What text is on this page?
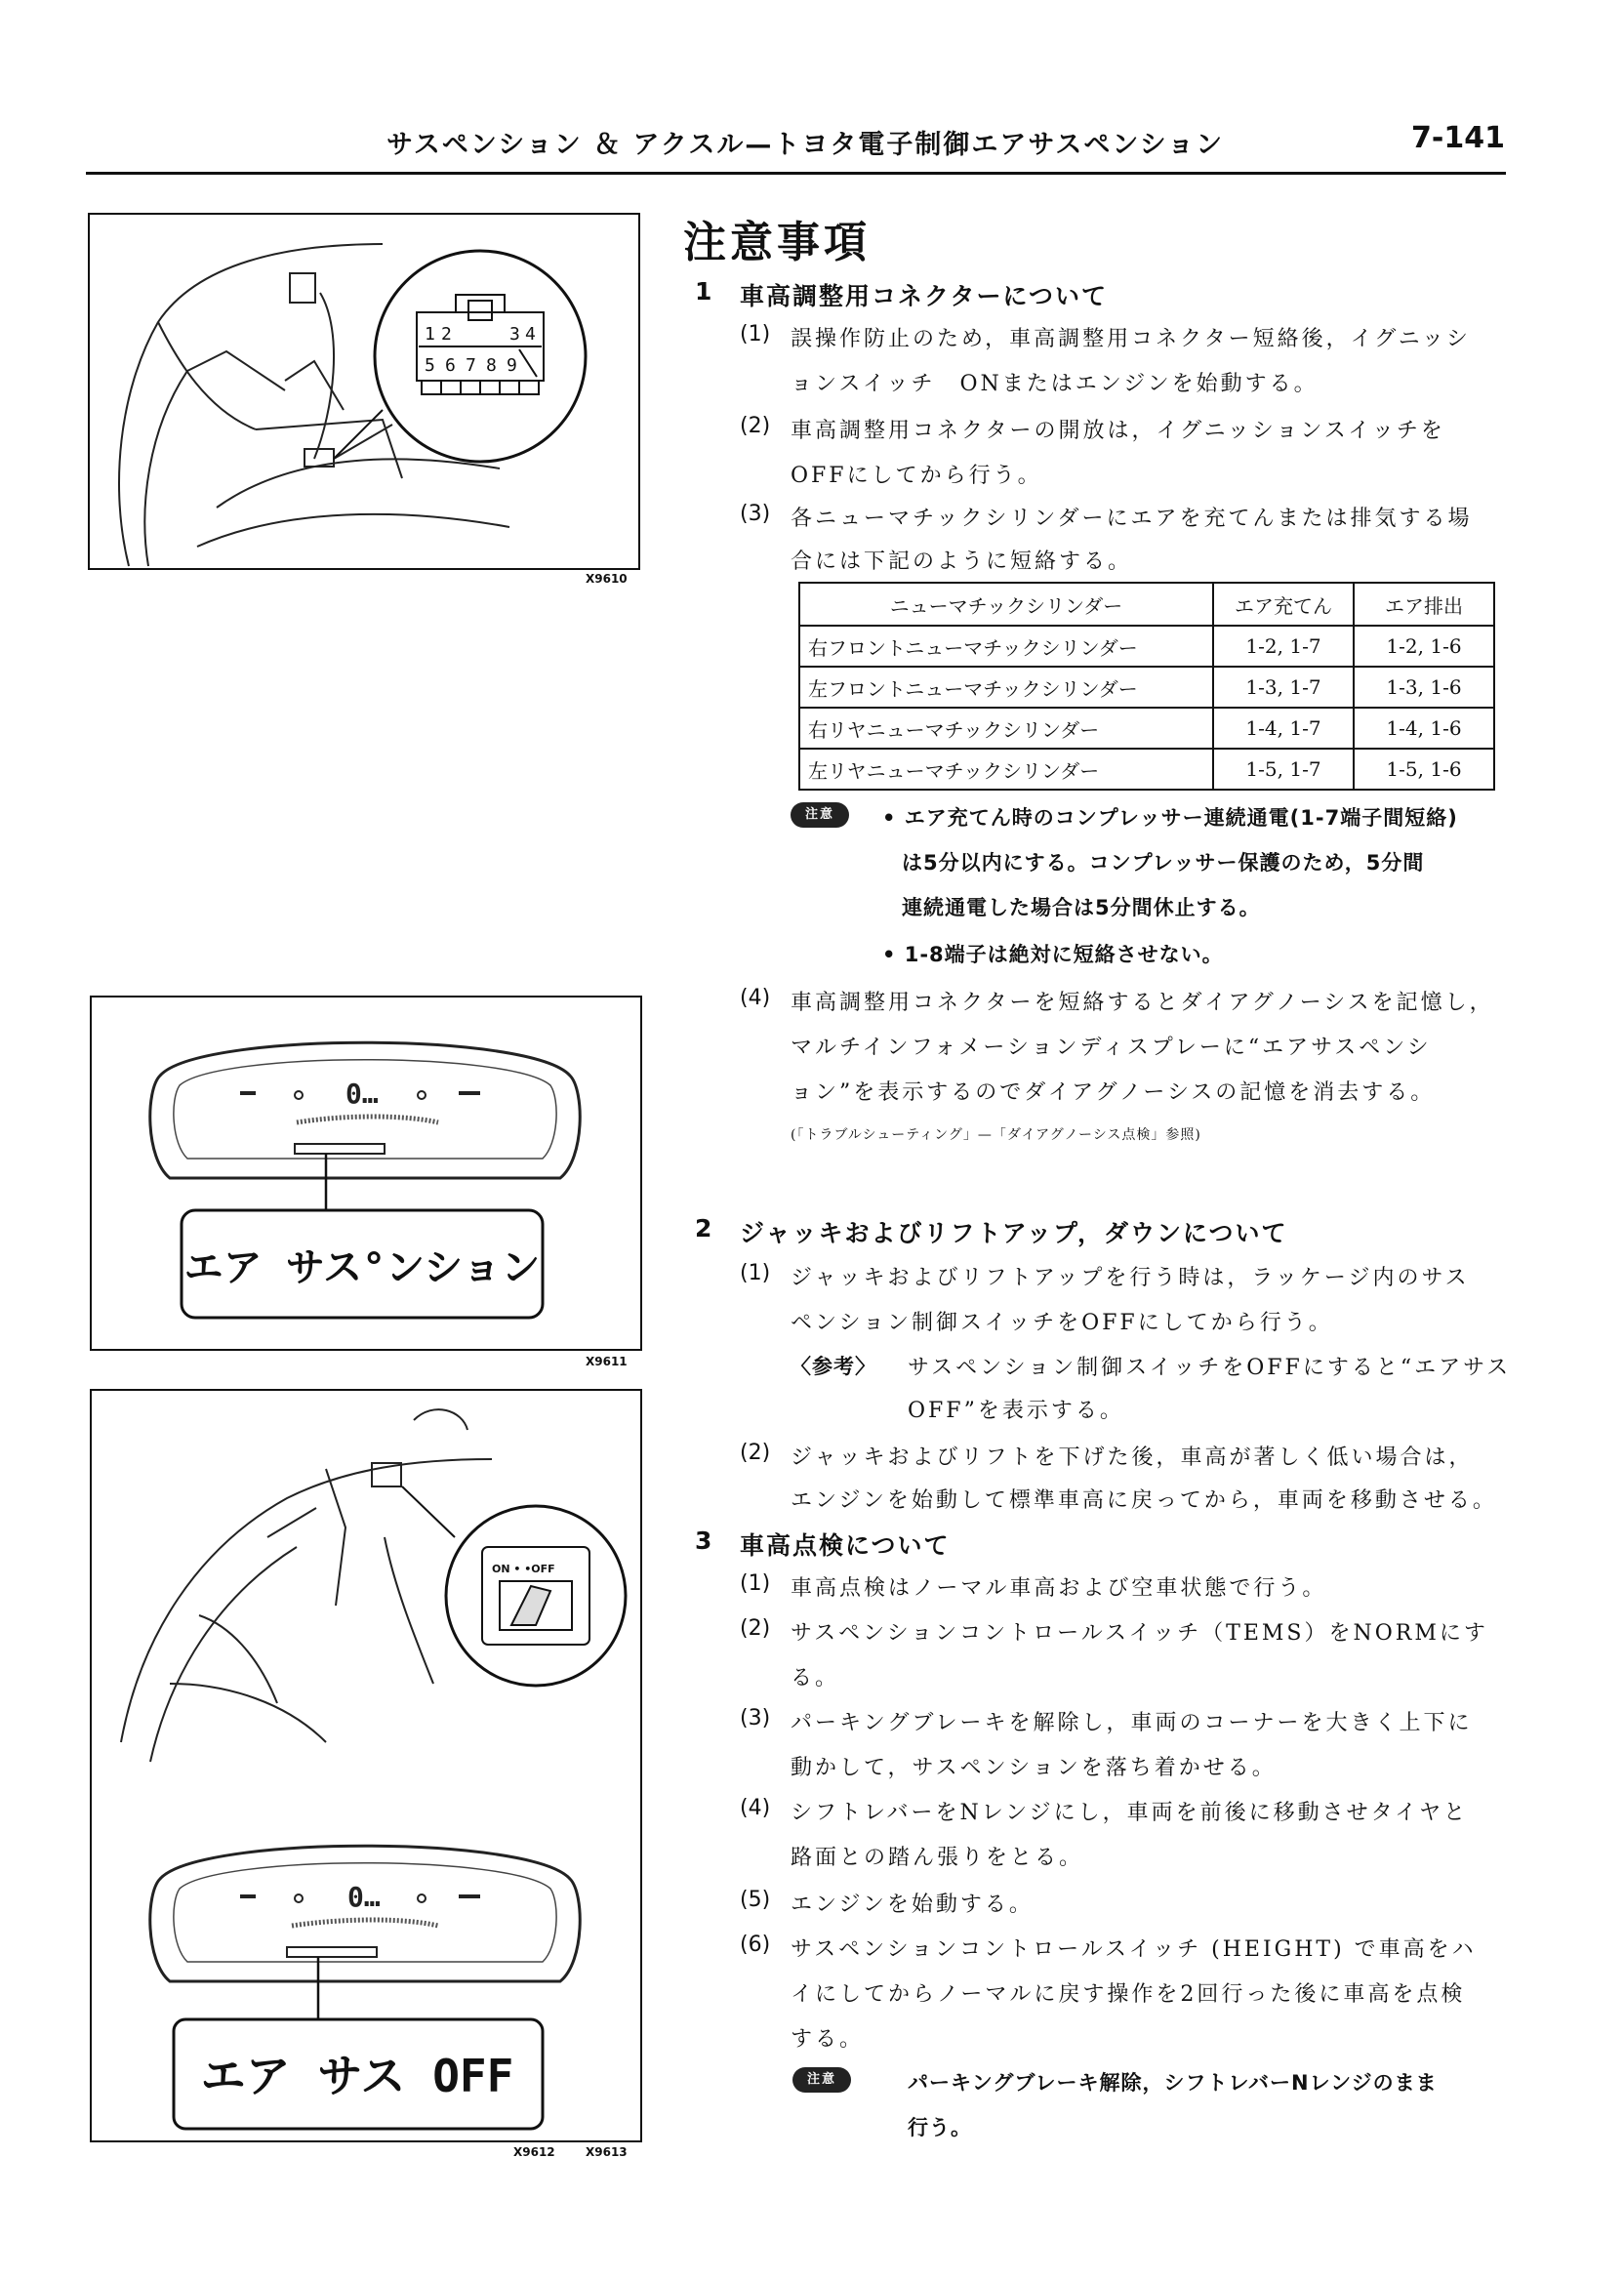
サスペンション ＆ アクスル—トヨタ電子制御エアサスペンション	7-141
1 2	3 4
5 6 7 8 9
X9610
0…
エア サス°ンション
X9611
ON • •OFF
0…
エア サス OFF
X9612	X9613
注意事項
1 車高調整用コネクターについて
(1) 誤操作防止のため，車高調整用コネクター短絡後，イグニッシ
ョンスイッチ　ONまたはエンジンを始動する。
(2) 車高調整用コネクターの開放は，イグニッションスイッチを
OFFにしてから行う。
(3) 各ニューマチックシリンダーにエアを充てんまたは排気する場
合には下記のように短絡する。
ニューマチックシリンダー	エア充てん	エア排出
右フロントニューマチックシリンダー	1-2, 1-7	1-2, 1-6
左フロントニューマチックシリンダー	1-3, 1-7	1-3, 1-6
右リヤニューマチックシリンダー	1-4, 1-7	1-4, 1-6
左リヤニューマチックシリンダー	1-5, 1-7	1-5, 1-6
注意	• エア充てん時のコンプレッサー連続通電(1-7端子間短絡)
は5分以内にする。コンプレッサー保護のため，5分間
連続通電した場合は5分間休止する。
• 1-8端子は絶対に短絡させない。
(4) 車高調整用コネクターを短絡するとダイアグノーシスを記憶し，
マルチインフォメーションディスプレーに“エアサスペンシ
ョン”を表示するのでダイアグノーシスの記憶を消去する。
(「トラブルシューティング」—「ダイアグノーシス点検」参照)
2 ジャッキおよびリフトアップ，ダウンについて
(1) ジャッキおよびリフトアップを行う時は，ラッケージ内のサス
ペンション制御スイッチをOFFにしてから行う。
〈参考〉 サスペンション制御スイッチをOFFにすると“エアサス
OFF”を表示する。
(2) ジャッキおよびリフトを下げた後，車高が著しく低い場合は，
エンジンを始動して標準車高に戻ってから，車両を移動させる。
3 車高点検について
(1) 車高点検はノーマル車高および空車状態で行う。
(2) サスペンションコントロールスイッチ（TEMS）をNORMにす
る。
(3) パーキングブレーキを解除し，車両のコーナーを大きく上下に
動かして，サスペンションを落ち着かせる。
(4) シフトレバーをNレンジにし，車両を前後に移動させタイヤと
路面との踏ん張りをとる。
(5) エンジンを始動する。
(6) サスペンションコントロールスイッチ (HEIGHT) で車高をハ
イにしてからノーマルに戻す操作を2回行った後に車高を点検
する。
注意	パーキングブレーキ解除，シフトレバーNレンジのまま
行う。
